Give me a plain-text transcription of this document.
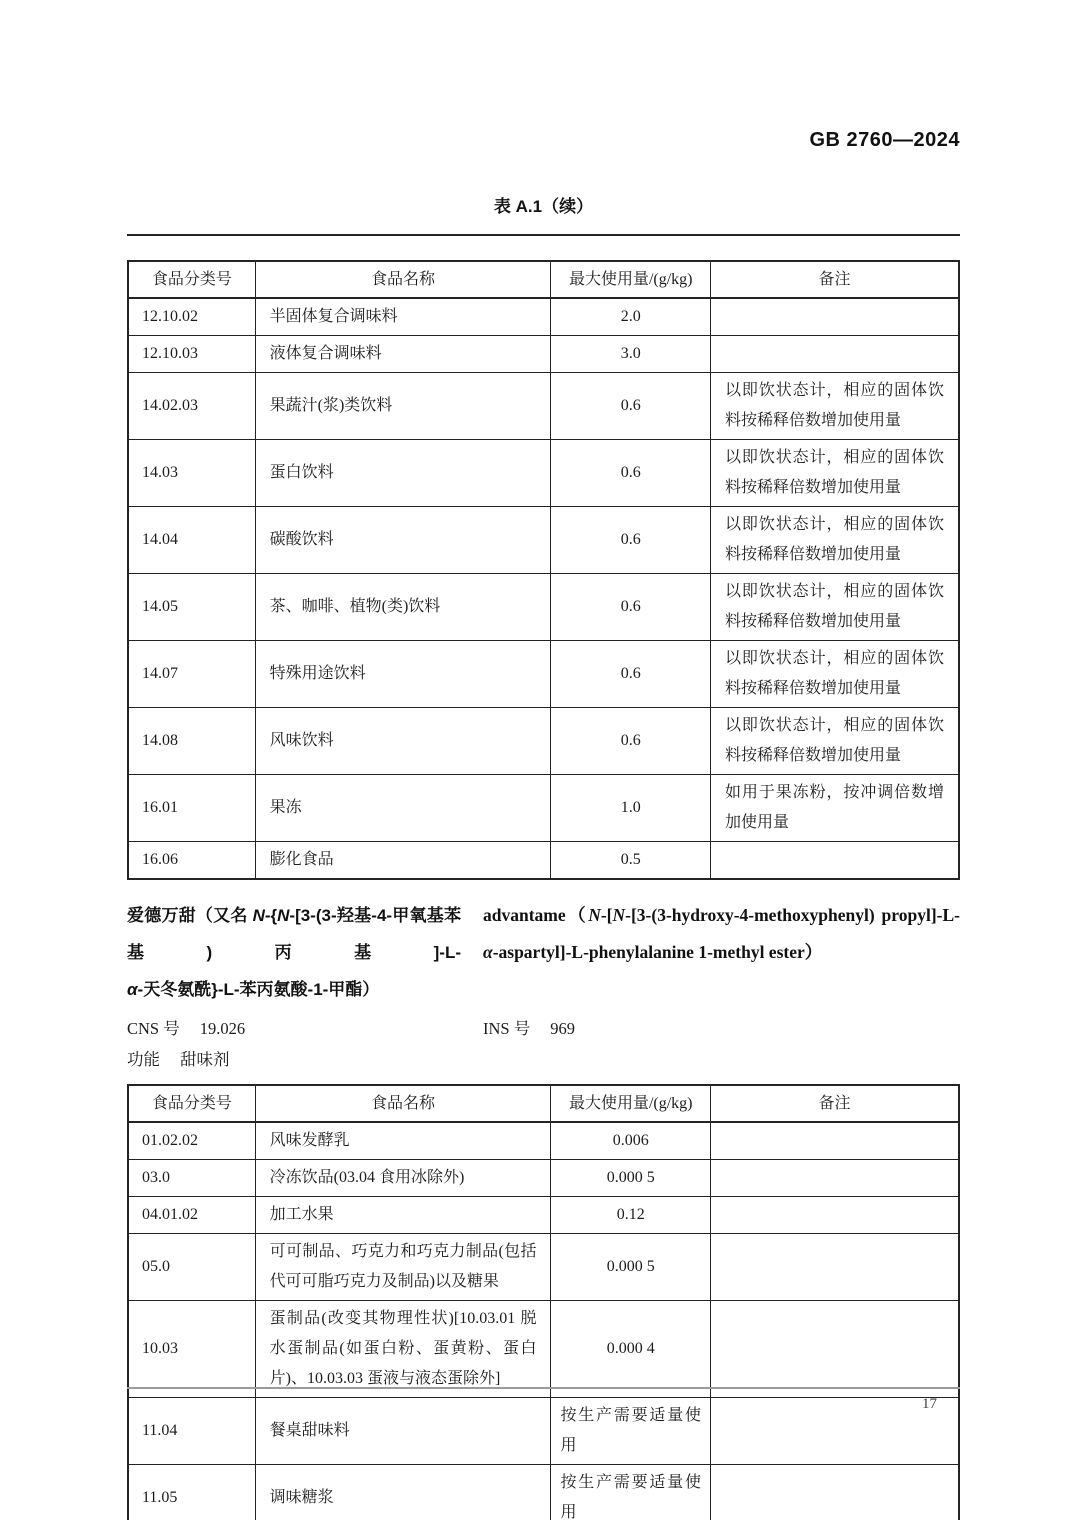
GB 2760—2024
表 A.1（续）
食品分类号	食品名称	最大使用量/(g/kg)	备注
12.10.02	半固体复合调味料	2.0	
12.10.03	液体复合调味料	3.0	
14.02.03	果蔬汁(浆)类饮料	0.6	以即饮状态计，相应的固体饮料按稀释倍数增加使用量
14.03	蛋白饮料	0.6	以即饮状态计，相应的固体饮料按稀释倍数增加使用量
14.04	碳酸饮料	0.6	以即饮状态计，相应的固体饮料按稀释倍数增加使用量
14.05	茶、咖啡、植物(类)饮料	0.6	以即饮状态计，相应的固体饮料按稀释倍数增加使用量
14.07	特殊用途饮料	0.6	以即饮状态计，相应的固体饮料按稀释倍数增加使用量
14.08	风味饮料	0.6	以即饮状态计，相应的固体饮料按稀释倍数增加使用量
16.01	果冻	1.0	如用于果冻粉，按冲调倍数增加使用量
16.06	膨化食品	0.5	
爱德万甜（又名 N-{N-[3-(3-羟基-4-甲氧基苯基)丙基]-L-α-天冬氨酰}-L-苯丙氨酸-1-甲酯）
advantame（N-[N-[3-(3-hydroxy-4-methoxyphenyl) propyl]-L-α-aspartyl]-L-phenylalanine 1-methyl ester）
CNS 号 19.026	INS 号 969
功能 甜味剂
食品分类号	食品名称	最大使用量/(g/kg)	备注
01.02.02	风味发酵乳	0.006	
03.0	冷冻饮品(03.04 食用冰除外)	0.000 5	
04.01.02	加工水果	0.12	
05.0	可可制品、巧克力和巧克力制品(包括代可可脂巧克力及制品)以及糖果	0.000 5	
10.03	蛋制品(改变其物理性状)[10.03.01 脱水蛋制品(如蛋白粉、蛋黄粉、蛋白片)、10.03.03 蛋液与液态蛋除外]	0.000 4	
11.04	餐桌甜味料	按生产需要适量使用	
11.05	调味糖浆	按生产需要适量使用	
17
